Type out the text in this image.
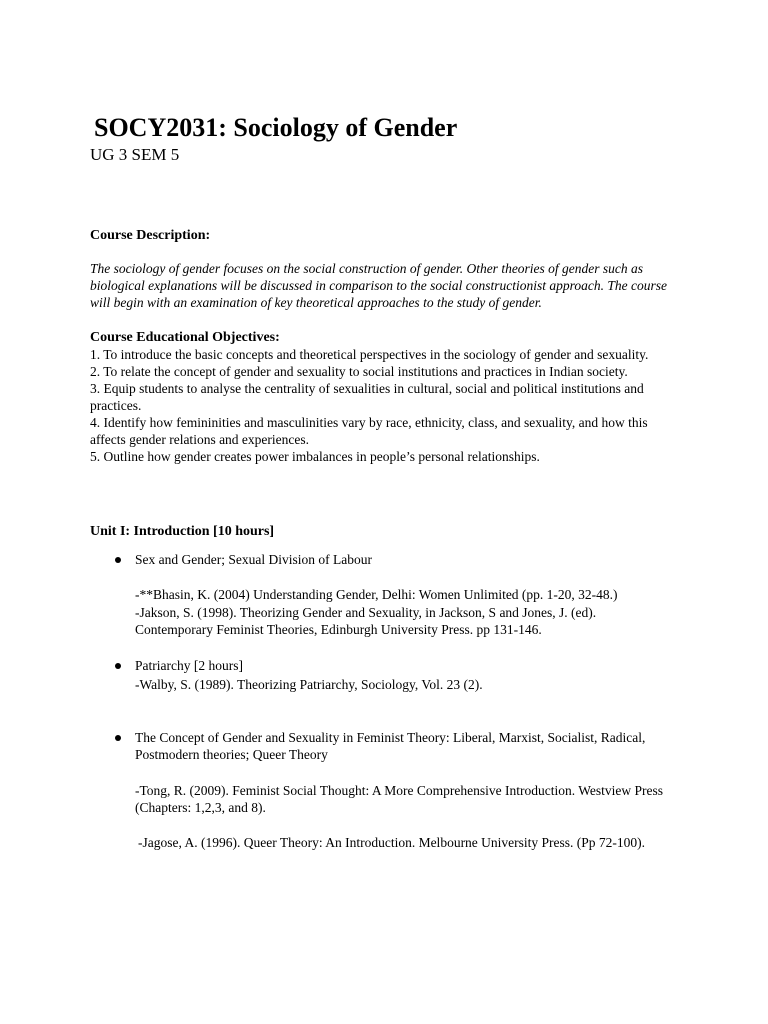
SOCY2031: Sociology of Gender
UG 3 SEM 5
Course Description:
The sociology of gender focuses on the social construction of gender. Other theories of gender such as biological explanations will be discussed in comparison to the social constructionist approach. The course will begin with an examination of key theoretical approaches to the study of gender.
Course Educational Objectives:
1. To introduce the basic concepts and theoretical perspectives in the sociology of gender and sexuality.
2. To relate the concept of gender and sexuality to social institutions and practices in Indian society.
3. Equip students to analyse the centrality of sexualities in cultural, social and political institutions and practices.
4. Identify how femininities and masculinities vary by race, ethnicity, class, and sexuality, and how this affects gender relations and experiences.
5. Outline how gender creates power imbalances in people’s personal relationships.
Unit I: Introduction [10 hours]
Sex and Gender; Sexual Division of Labour
-**Bhasin, K. (2004) Understanding Gender, Delhi: Women Unlimited (pp. 1-20, 32-48.)
-Jakson, S. (1998). Theorizing Gender and Sexuality, in Jackson, S and Jones, J. (ed). Contemporary Feminist Theories, Edinburgh University Press. pp 131-146.
Patriarchy [2 hours]
-Walby, S. (1989). Theorizing Patriarchy, Sociology, Vol. 23 (2).
The Concept of Gender and Sexuality in Feminist Theory: Liberal, Marxist, Socialist, Radical, Postmodern theories; Queer Theory
-Tong, R. (2009). Feminist Social Thought: A More Comprehensive Introduction. Westview Press (Chapters: 1,2,3, and 8).
-Jagose, A. (1996). Queer Theory: An Introduction. Melbourne University Press. (Pp 72-100).
